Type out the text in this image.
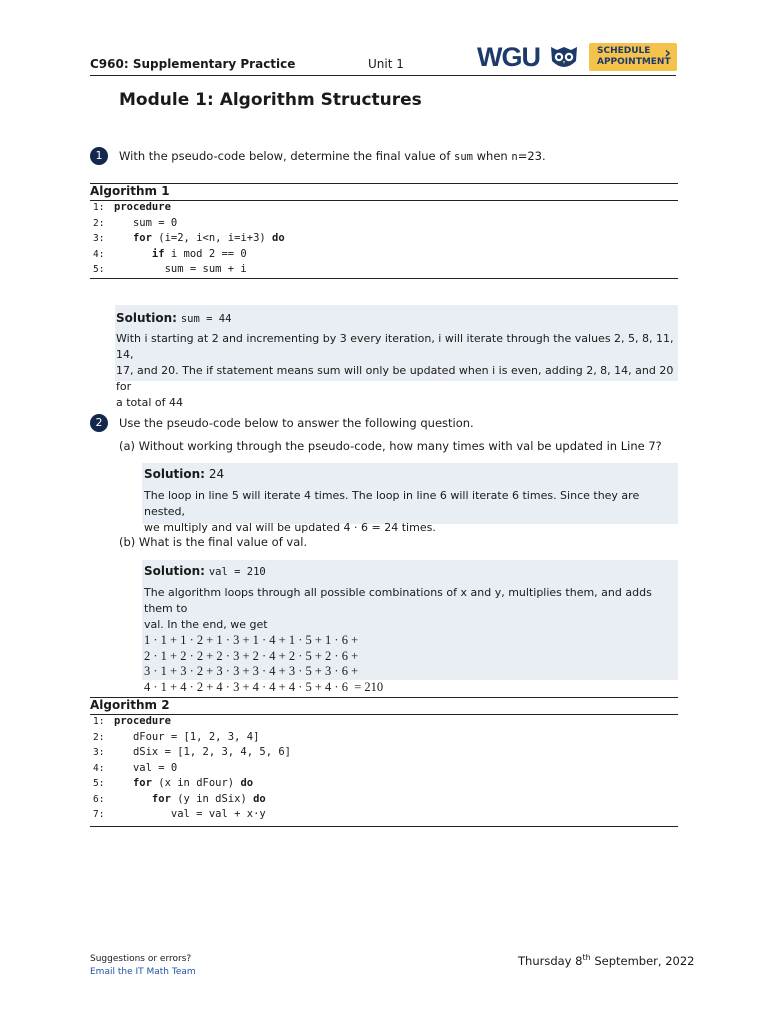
C960: Supplementary Practice	Unit 1	WGU	SCHEDULE
APPOINTMENT
›
Module 1: Algorithm Structures
1	With the pseudo-code below, determine the final value of sum when n=23.
Algorithm 1
1: procedure
2:   sum = 0
3:   for (i=2, i<n, i=i+3) do
4:      if i mod 2 == 0
5:        sum = sum + i
Solution: sum = 44
With i starting at 2 and incrementing by 3 every iteration, i will iterate through the values 2, 5, 8, 11, 14,
17, and 20. The if statement means sum will only be updated when i is even, adding 2, 8, 14, and 20 for
a total of 44
2	Use the pseudo-code below to answer the following question.
(a) Without working through the pseudo-code, how many times with val be updated in Line 7?
Solution: 24
The loop in line 5 will iterate 4 times. The loop in line 6 will iterate 6 times. Since they are nested,
we multiply and val will be updated 4 · 6 = 24 times.
(b) What is the final value of val.
Solution: val = 210
The algorithm loops through all possible combinations of x and y, multiplies them, and adds them to
val. In the end, we get
1 · 1 + 1 · 2 + 1 · 3 + 1 · 4 + 1 · 5 + 1 · 6 +
2 · 1 + 2 · 2 + 2 · 3 + 2 · 4 + 2 · 5 + 2 · 6 +
3 · 1 + 3 · 2 + 3 · 3 + 3 · 4 + 3 · 5 + 3 · 6 +
4 · 1 + 4 · 2 + 4 · 3 + 4 · 4 + 4 · 5 + 4 · 6  = 210
Algorithm 2
1: procedure
2:   dFour = [1, 2, 3, 4]
3:   dSix = [1, 2, 3, 4, 5, 6]
4:   val = 0
5:   for (x in dFour) do
6:      for (y in dSix) do
7:         val = val + x·y
Suggestions or errors?
Email the IT Math Team
Thursday 8th September, 2022
